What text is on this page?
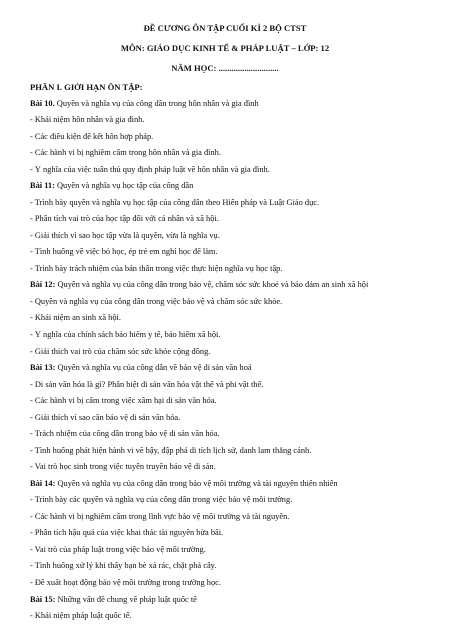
ĐỀ CƯƠNG ÔN TẬP CUỐI KÌ 2 BỘ CTST
MÔN: GIÁO DỤC KINH TẾ & PHÁP LUẬT – LỚP: 12
NĂM HỌC: ............................
PHẦN I. GIỚI HẠN ÔN TẬP:
Bài 10. Quyền và nghĩa vụ của công dân trong hôn nhân và gia đình
- Khái niệm hôn nhân và gia đình.
- Các điều kiện để kết hôn hợp pháp.
- Các hành vi bị nghiêm cấm trong hôn nhân và gia đình.
- Ý nghĩa của việc tuân thủ quy định pháp luật về hôn nhân và gia đình.
Bài 11: Quyền và nghĩa vụ học tập của công dân
- Trình bày quyền và nghĩa vụ học tập của công dân theo Hiến pháp và Luật Giáo dục.
- Phân tích vai trò của học tập đối với cá nhân và xã hội.
- Giải thích vì sao học tập vừa là quyền, vừa là nghĩa vụ.
- Tình huống về việc bỏ học, ép trẻ em nghỉ học để làm.
- Trình bày trách nhiệm của bản thân trong việc thực hiện nghĩa vụ học tập.
Bài 12: Quyền và nghĩa vụ của công dân trong bảo vệ, chăm sóc sức khoẻ và bảo đảm an sinh xã hội
- Quyền và nghĩa vụ của công dân trong việc bảo vệ và chăm sóc sức khỏe.
- Khái niệm an sinh xã hội.
- Ý nghĩa của chính sách bảo hiểm y tế, bảo hiểm xã hội.
- Giải thích vai trò của chăm sóc sức khỏe cộng đồng.
Bài 13: Quyền và nghĩa vụ của công dân về bảo vệ di sản văn hoá
- Di sản văn hóa là gì? Phân biệt di sản văn hóa vật thể và phi vật thể.
- Các hành vi bị cấm trong việc xâm hại di sản văn hóa.
- Giải thích vì sao cần bảo vệ di sản văn hóa.
- Trách nhiệm của công dân trong bảo vệ di sản văn hóa.
- Tình huống phát hiện hành vi vẽ bậy, đập phá di tích lịch sử, danh lam thắng cảnh.
- Vai trò học sinh trong việc tuyên truyền bảo vệ di sản.
Bài 14: Quyền và nghĩa vụ của công dân trong bảo vệ môi trường và tài nguyên thiên nhiên
- Trình bày các quyền và nghĩa vụ của công dân trong việc bảo vệ môi trường.
- Các hành vi bị nghiêm cấm trong lĩnh vực bảo vệ môi trường và tài nguyên.
- Phân tích hậu quả của việc khai thác tài nguyên bừa bãi.
- Vai trò của pháp luật trong việc bảo vệ môi trường.
- Tình huống xử lý khi thấy bạn bè xả rác, chặt phá cây.
- Đề xuất hoạt động bảo vệ môi trường trong trường học.
Bài 15: Những vấn đề chung về pháp luật quốc tế
- Khái niệm pháp luật quốc tế.
